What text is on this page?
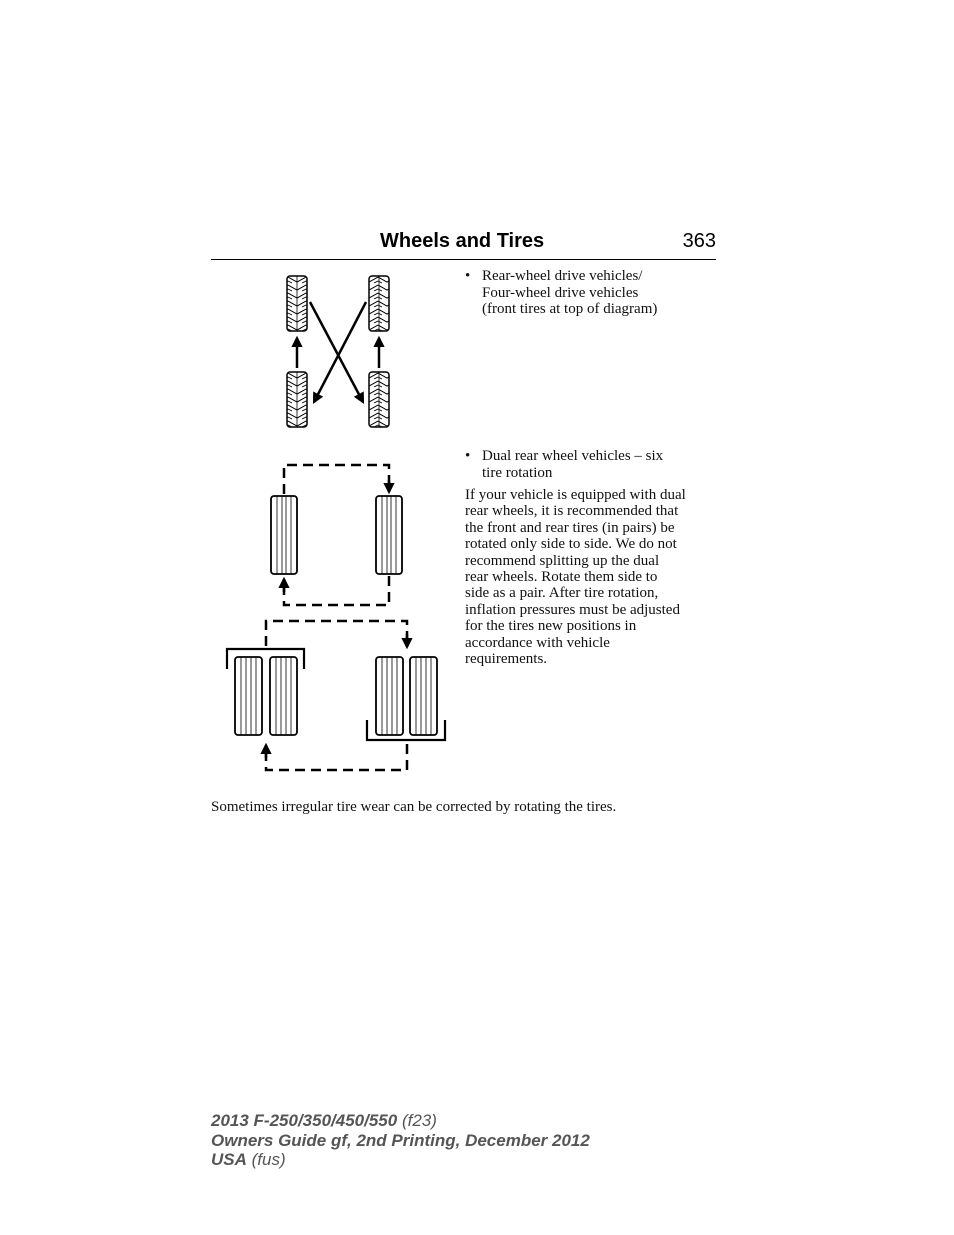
Wheels and Tires	363
• Rear-wheel drive vehicles/
Four-wheel drive vehicles
(front tires at top of diagram)
• Dual rear wheel vehicles – six
tire rotation
If your vehicle is equipped with dual
rear wheels, it is recommended that
the front and rear tires (in pairs) be
rotated only side to side. We do not
recommend splitting up the dual
rear wheels. Rotate them side to
side as a pair. After tire rotation,
inflation pressures must be adjusted
for the tires new positions in
accordance with vehicle
requirements.
Sometimes irregular tire wear can be corrected by rotating the tires.
2013 F-250/350/450/550 (f23)
Owners Guide gf, 2nd Printing, December 2012
USA (fus)
